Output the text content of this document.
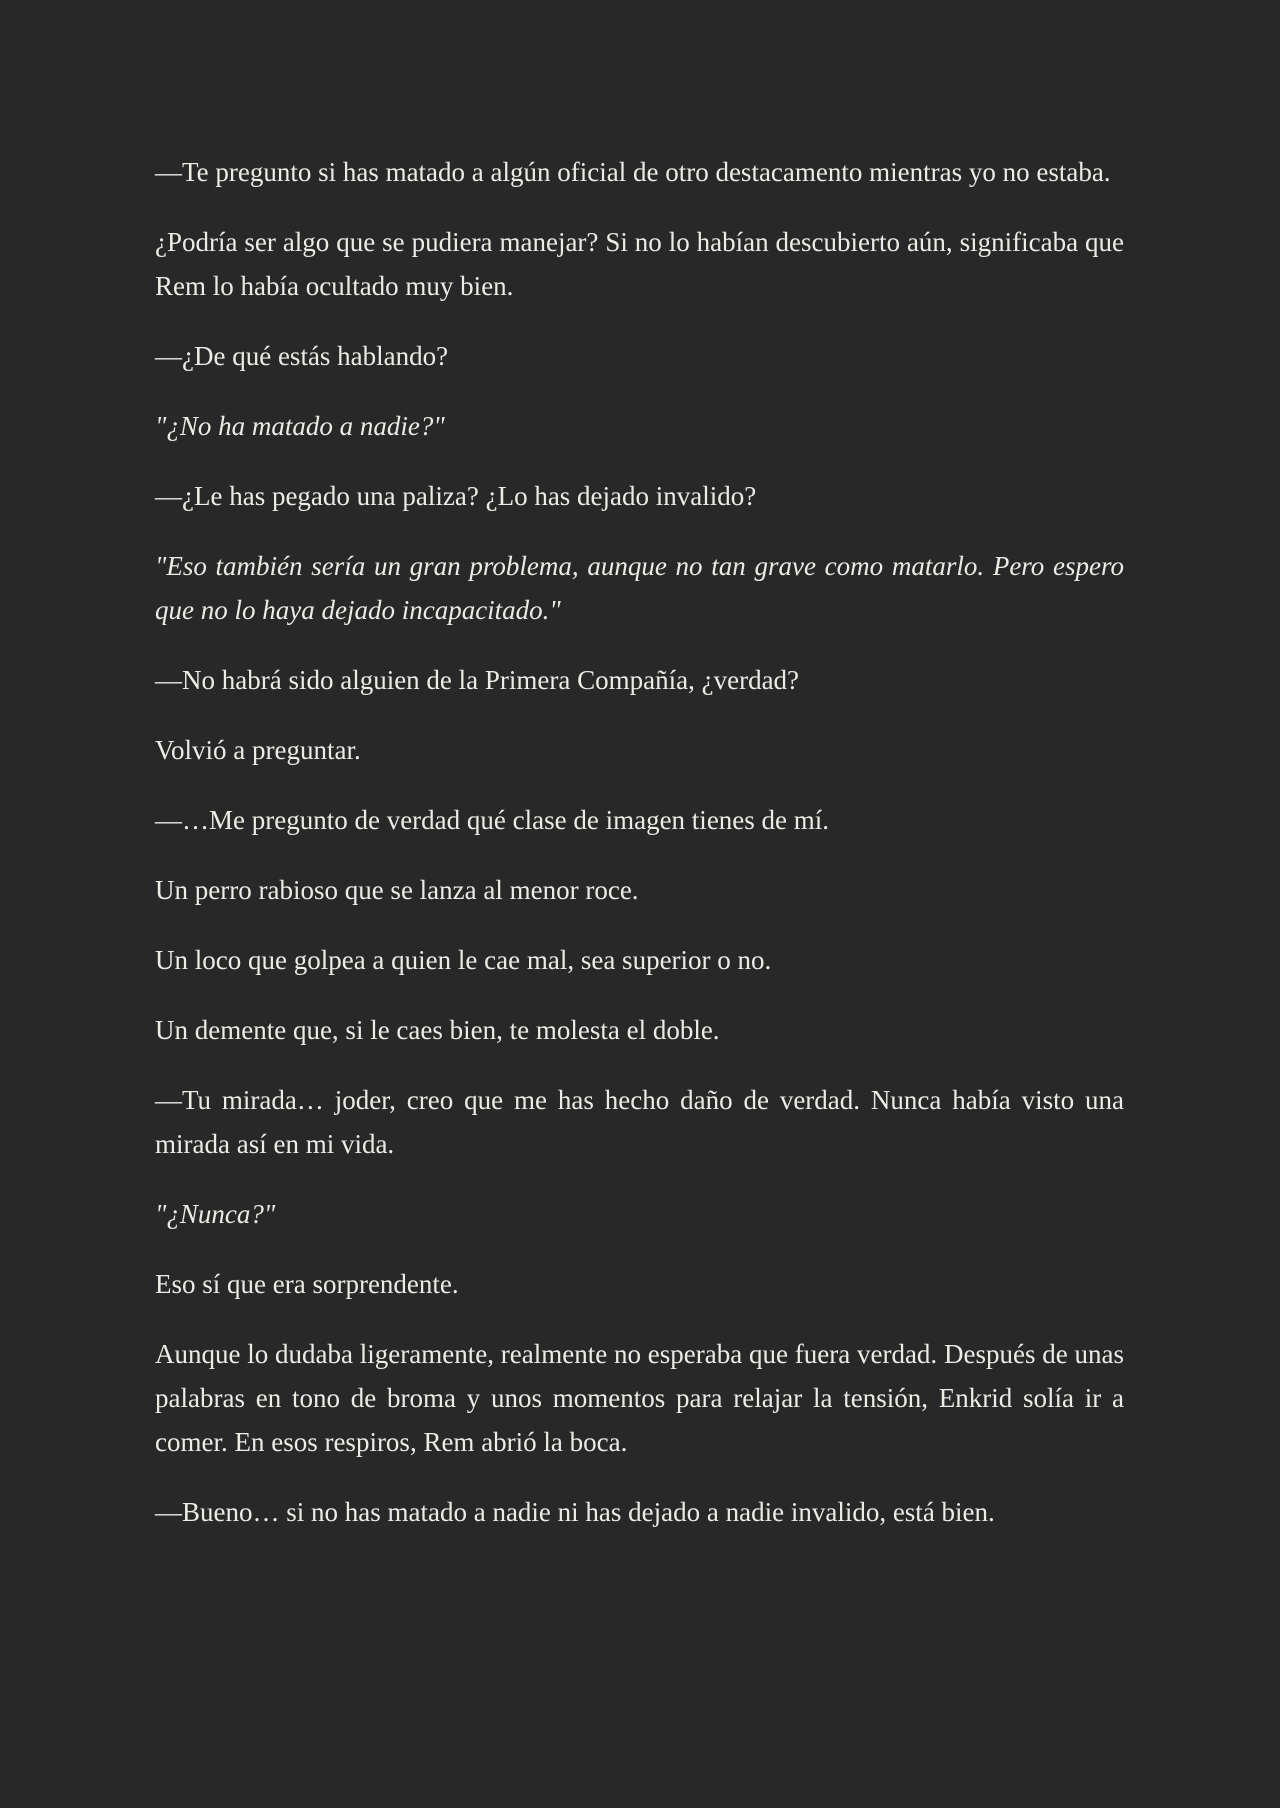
—Te pregunto si has matado a algún oficial de otro destacamento mientras yo no estaba.

¿Podría ser algo que se pudiera manejar? Si no lo habían descubierto aún, significaba que Rem lo había ocultado muy bien.

—¿De qué estás hablando?

"¿No ha matado a nadie?"

—¿Le has pegado una paliza? ¿Lo has dejado invalido?

"Eso también sería un gran problema, aunque no tan grave como matarlo. Pero espero que no lo haya dejado incapacitado."

—No habrá sido alguien de la Primera Compañía, ¿verdad?

Volvió a preguntar.

—…Me pregunto de verdad qué clase de imagen tienes de mí.

Un perro rabioso que se lanza al menor roce.

Un loco que golpea a quien le cae mal, sea superior o no.

Un demente que, si le caes bien, te molesta el doble.

—Tu mirada… joder, creo que me has hecho daño de verdad. Nunca había visto una mirada así en mi vida.

"¿Nunca?"

Eso sí que era sorprendente.

Aunque lo dudaba ligeramente, realmente no esperaba que fuera verdad. Después de unas palabras en tono de broma y unos momentos para relajar la tensión, Enkrid solía ir a comer. En esos respiros, Rem abrió la boca.

—Bueno… si no has matado a nadie ni has dejado a nadie invalido, está bien.
